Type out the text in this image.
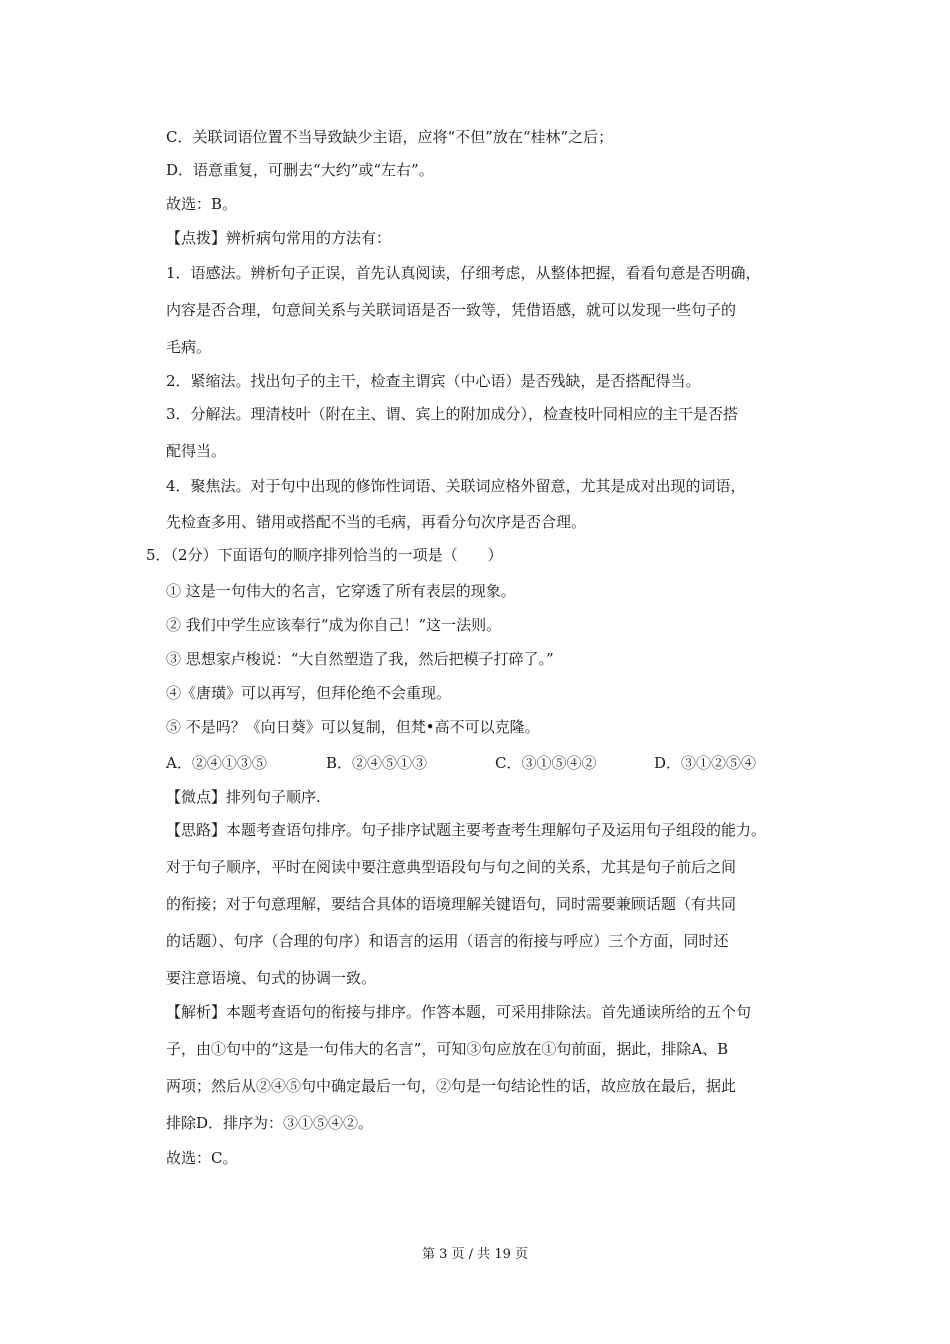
C．关联词语位置不当导致缺少主语，应将“不但”放在“桂林”之后；
D．语意重复，可删去“大约”或“左右”。
故选：B。
【点拨】辨析病句常用的方法有：
1．语感法。辨析句子正误，首先认真阅读，仔细考虑，从整体把握，看看句意是否明确，
内容是否合理，句意间关系与关联词语是否一致等，凭借语感，就可以发现一些句子的
毛病。
2．紧缩法。找出句子的主干，检查主谓宾（中心语）是否残缺，是否搭配得当。
3．分解法。理清枝叶（附在主、谓、宾上的附加成分），检查枝叶同相应的主干是否搭
配得当。
4．聚焦法。对于句中出现的修饰性词语、关联词应格外留意，尤其是成对出现的词语，
先检查多用、错用或搭配不当的毛病，再看分句次序是否合理。
5．（2分）下面语句的顺序排列恰当的一项是（　　）
① 这是一句伟大的名言，它穿透了所有表层的现象。
② 我们中学生应该奉行“成为你自己！”这一法则。
③ 思想家卢梭说：“大自然塑造了我，然后把模子打碎了。”
④《唐璜》可以再写，但拜伦绝不会重现。
⑤ 不是吗？《向日葵》可以复制，但梵•高不可以克隆。
A．②④①③⑤	B．②④⑤①③	C．③①⑤④②	D．③①②⑤④
【微点】排列句子顺序.
【思路】本题考查语句排序。句子排序试题主要考查考生理解句子及运用句子组段的能力。
对于句子顺序，平时在阅读中要注意典型语段句与句之间的关系，尤其是句子前后之间
的衔接；对于句意理解，要结合具体的语境理解关键语句，同时需要兼顾话题（有共同
的话题）、句序（合理的句序）和语言的运用（语言的衔接与呼应）三个方面，同时还
要注意语境、句式的协调一致。
【解析】本题考查语句的衔接与排序。作答本题，可采用排除法。首先通读所给的五个句
子，由①句中的“这是一句伟大的名言”，可知③句应放在①句前面，据此，排除A、B
两项；然后从②④⑤句中确定最后一句，②句是一句结论性的话，故应放在最后，据此
排除D．排序为：③①⑤④②。
故选：C。
第 3 页 / 共 19 页
